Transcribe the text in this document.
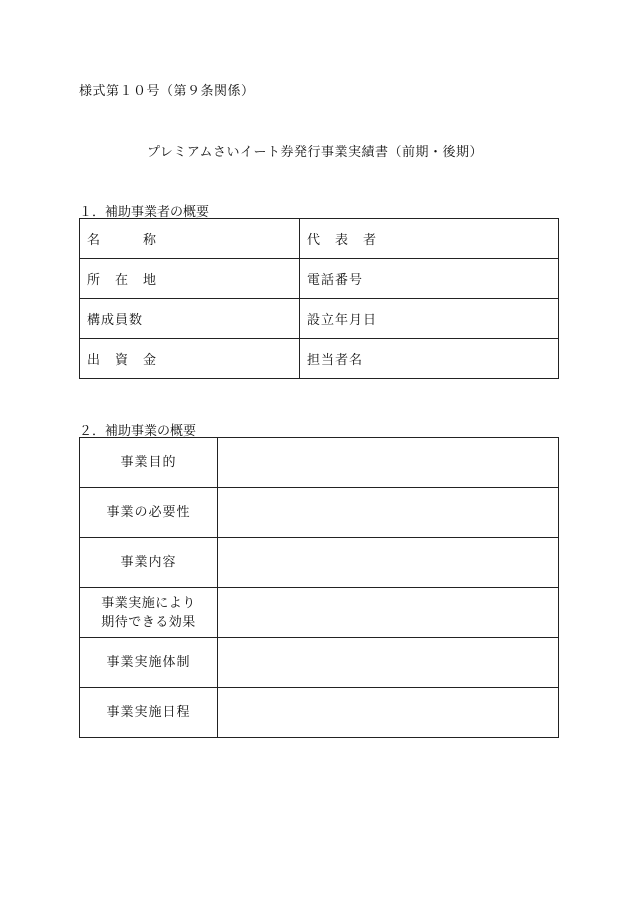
様式第１０号（第９条関係）
プレミアムさいイート券発行事業実績書（前期・後期）
１．補助事業者の概要
名　　　称	代　表　者
所　在　地	電話番号
構成員数	設立年月日
出　資　金	担当者名
２．補助事業の概要
事業目的	
事業の必要性	
事業内容	

事業実施により
期待できる効果	

事業実施体制	
事業実施日程	
